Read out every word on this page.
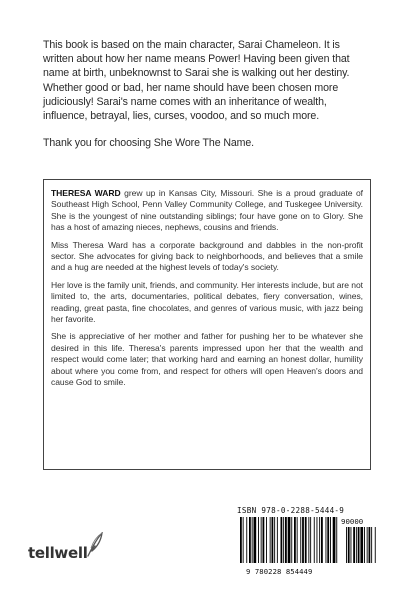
This book is based on the main character, Sarai Chameleon. It is written about how her name means Power! Having been given that name at birth, unbeknownst to Sarai she is walking out her destiny. Whether good or bad, her name should have been chosen more judiciously! Sarai's name comes with an inheritance of wealth, influence, betrayal, lies, curses, voodoo, and so much more.

Thank you for choosing She Wore The Name.

THERESA WARD grew up in Kansas City, Missouri. She is a proud graduate of Southeast High School, Penn Valley Community College, and Tuskegee University. She is the youngest of nine outstanding siblings; four have gone on to Glory. She has a host of amazing nieces, nephews, cousins and friends.

Miss Theresa Ward has a corporate background and dabbles in the non-profit sector. She advocates for giving back to neighborhoods, and believes that a smile and a hug are needed at the highest levels of today's society.

Her love is the family unit, friends, and community. Her interests include, but are not limited to, the arts, documentaries, political debates, fiery conversation, wines, reading, great pasta, fine chocolates, and genres of various music, with jazz being her favorite.

She is appreciative of her mother and father for pushing her to be whatever she desired in this life. Theresa's parents impressed upon her that the wealth and respect would come later; that working hard and earning an honest dollar, humility about where you come from, and respect for others will open Heaven's doors and cause God to smile.

tellwell
ISBN 978-0-2288-5444-9
90000
9 780228 854449
